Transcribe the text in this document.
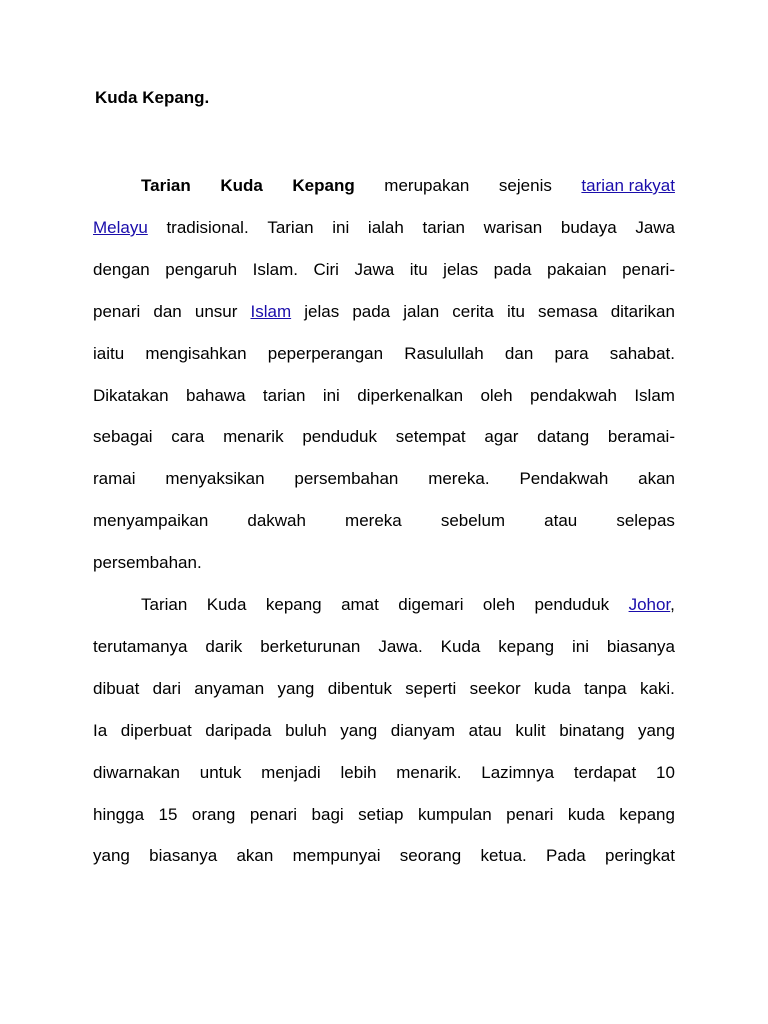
Kuda Kepang.
Tarian Kuda Kepang merupakan sejenis tarian rakyat
Melayu tradisional. Tarian ini ialah tarian warisan budaya Jawa
dengan pengaruh Islam. Ciri Jawa itu jelas pada pakaian penari-
penari dan unsur Islam jelas pada jalan cerita itu semasa ditarikan
iaitu mengisahkan peperperangan Rasulullah dan para sahabat.
Dikatakan bahawa tarian ini diperkenalkan oleh pendakwah Islam
sebagai cara menarik penduduk setempat agar datang beramai-
ramai menyaksikan persembahan mereka. Pendakwah akan
menyampaikan dakwah mereka sebelum atau selepas
persembahan.
Tarian Kuda kepang amat digemari oleh penduduk Johor,
terutamanya darik berketurunan Jawa. Kuda kepang ini biasanya
dibuat dari anyaman yang dibentuk seperti seekor kuda tanpa kaki.
Ia diperbuat daripada buluh yang dianyam atau kulit binatang yang
diwarnakan untuk menjadi lebih menarik. Lazimnya terdapat 10
hingga 15 orang penari bagi setiap kumpulan penari kuda kepang
yang biasanya akan mempunyai seorang ketua. Pada peringkat
